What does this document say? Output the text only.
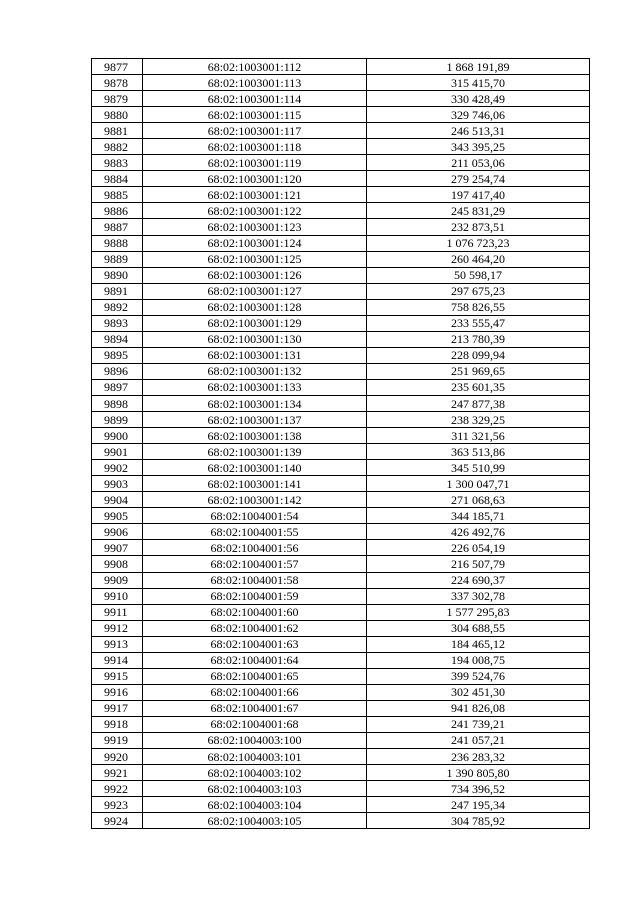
9877	68:02:1003001:112	1 868 191,89
9878	68:02:1003001:113	315 415,70
9879	68:02:1003001:114	330 428,49
9880	68:02:1003001:115	329 746,06
9881	68:02:1003001:117	246 513,31
9882	68:02:1003001:118	343 395,25
9883	68:02:1003001:119	211 053,06
9884	68:02:1003001:120	279 254,74
9885	68:02:1003001:121	197 417,40
9886	68:02:1003001:122	245 831,29
9887	68:02:1003001:123	232 873,51
9888	68:02:1003001:124	1 076 723,23
9889	68:02:1003001:125	260 464,20
9890	68:02:1003001:126	50 598,17
9891	68:02:1003001:127	297 675,23
9892	68:02:1003001:128	758 826,55
9893	68:02:1003001:129	233 555,47
9894	68:02:1003001:130	213 780,39
9895	68:02:1003001:131	228 099,94
9896	68:02:1003001:132	251 969,65
9897	68:02:1003001:133	235 601,35
9898	68:02:1003001:134	247 877,38
9899	68:02:1003001:137	238 329,25
9900	68:02:1003001:138	311 321,56
9901	68:02:1003001:139	363 513,86
9902	68:02:1003001:140	345 510,99
9903	68:02:1003001:141	1 300 047,71
9904	68:02:1003001:142	271 068,63
9905	68:02:1004001:54	344 185,71
9906	68:02:1004001:55	426 492,76
9907	68:02:1004001:56	226 054,19
9908	68:02:1004001:57	216 507,79
9909	68:02:1004001:58	224 690,37
9910	68:02:1004001:59	337 302,78
9911	68:02:1004001:60	1 577 295,83
9912	68:02:1004001:62	304 688,55
9913	68:02:1004001:63	184 465,12
9914	68:02:1004001:64	194 008,75
9915	68:02:1004001:65	399 524,76
9916	68:02:1004001:66	302 451,30
9917	68:02:1004001:67	941 826,08
9918	68:02:1004001:68	241 739,21
9919	68:02:1004003:100	241 057,21
9920	68:02:1004003:101	236 283,32
9921	68:02:1004003:102	1 390 805,80
9922	68:02:1004003:103	734 396,52
9923	68:02:1004003:104	247 195,34
9924	68:02:1004003:105	304 785,92
